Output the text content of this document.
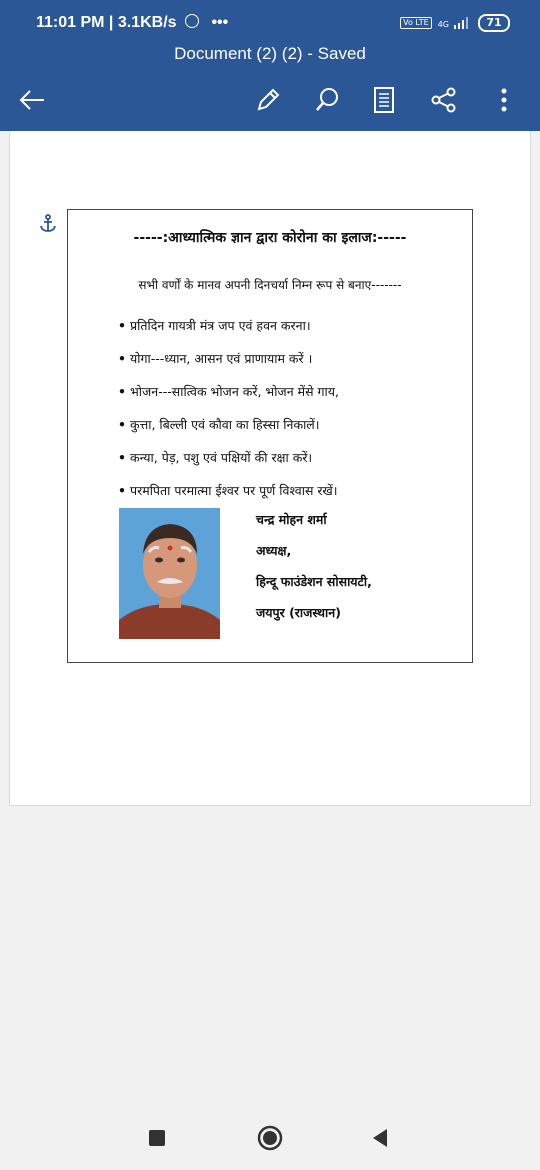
11:01 PM | 3.1KB/s •••	Vo LTE	4G	71
Document (2) (2) - Saved
-----:आध्यात्मिक ज्ञान द्वारा कोरोना का इलाज:-----
सभी वर्णों के मानव अपनी दिनचर्या निम्न रूप से बनाए-------
• प्रतिदिन गायत्री मंत्र जप एवं हवन करना।
• योगा---ध्यान, आसन एवं प्राणायाम करें ।
• भोजन---सात्विक भोजन करें, भोजन मेंसे गाय,
• कुत्ता, बिल्ली एवं कौवा का हिस्सा निकालें।
• कन्या, पेड़, पशु एवं पक्षियों की रक्षा करें।
• परमपिता परमात्मा ईश्वर पर पूर्ण विश्वास रखें।
चन्द्र मोहन शर्मा
अध्यक्ष,
हिन्दू फाउंडेशन सोसायटी,
जयपुर (राजस्थान)
